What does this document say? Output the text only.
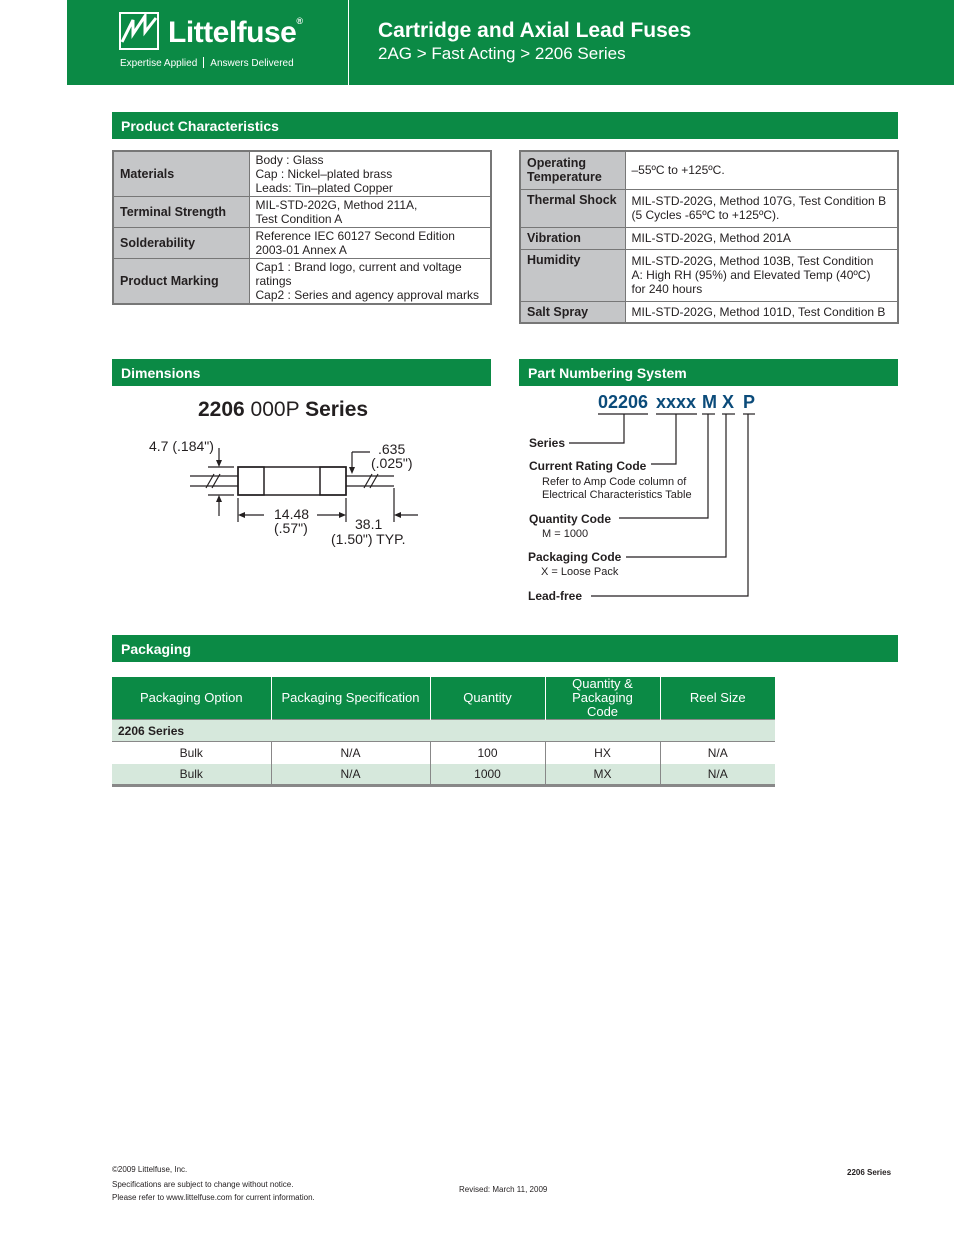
Littelfuse®
Expertise Applied Answers Delivered
Cartridge and Axial Lead Fuses
2AG > Fast Acting > 2206 Series
Product Characteristics
Materials	Body : Glass
Cap : Nickel–plated brass
Leads: Tin–plated Copper

Terminal Strength	MIL-STD-202G, Method 211A,
Test Condition A

Solderability	Reference IEC 60127 Second Edition
2003-01 Annex A

Product Marking	Cap1 : Brand logo, current and voltage
ratings
Cap2 : Series and agency approval marks
Operating
Temperature	–55ºC to +125ºC.

Thermal Shock	MIL-STD-202G, Method 107G, Test Condition B
(5 Cycles -65ºC to +125ºC).

Vibration	MIL-STD-202G, Method 201A

Humidity	MIL-STD-202G, Method 103B, Test Condition
A: High RH (95%) and Elevated Temp (40ºC)
for 240 hours

Salt Spray	MIL-STD-202G, Method 101D, Test Condition B
Dimensions
2206 000P Series
4.7 (.184")	.635
(.025")
14.48
(.57")	38.1
(1.50") TYP.
Part Numbering System
02206 xxxx M X P
Series
Current Rating Code
Refer to Amp Code column of
Electrical Characteristics Table
Quantity Code
M = 1000
Packaging Code
X = Loose Pack
Lead-free
Packaging
Packaging Option	Packaging Specification	Quantity	Quantity & Packaging Code	Reel Size
2206 Series				
Bulk	N/A	100	HX	N/A
Bulk	N/A	1000	MX	N/A
©2009 Littelfuse, Inc.
Specifications are subject to change without notice.
Please refer to www.littelfuse.com for current information.
Revised: March 11, 2009
2206 Series
